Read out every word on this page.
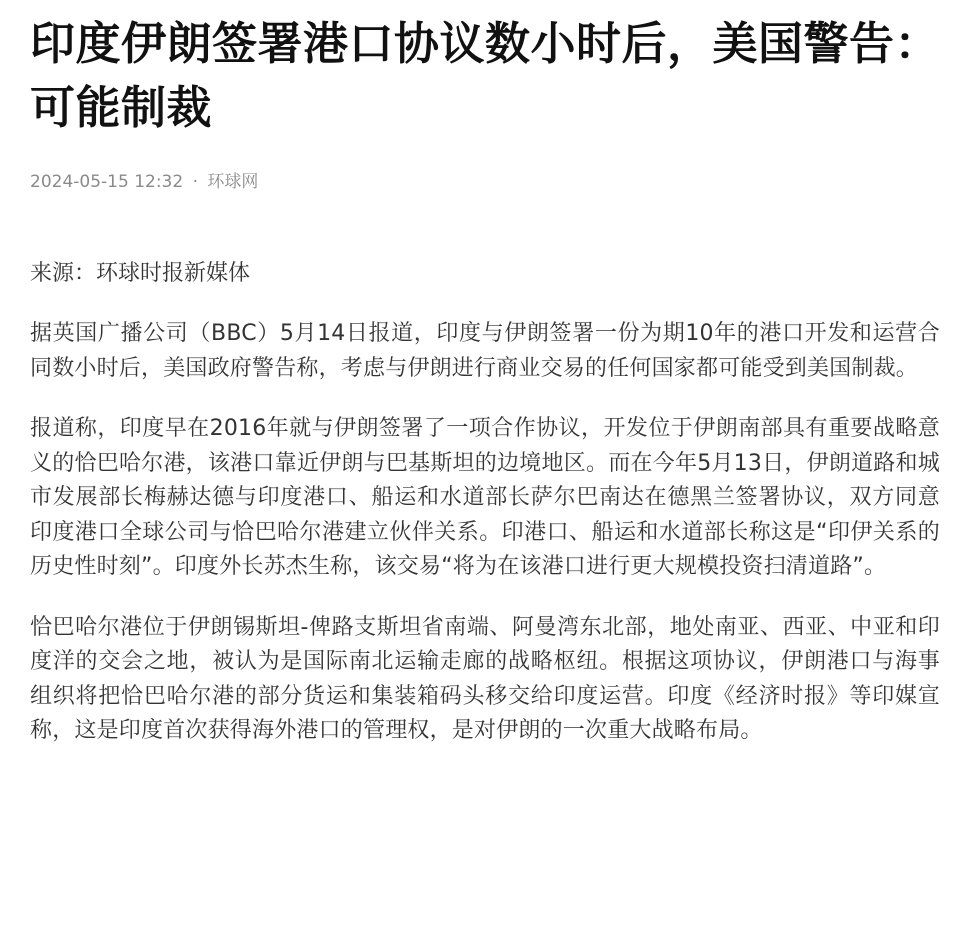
印度伊朗签署港口协议数小时后，美国警告：可能制裁
2024-05-15 12:32 · 环球网

来源：环球时报新媒体

据英国广播公司（BBC）5月14日报道，印度与伊朗签署一份为期10年的港口开发和运营合同数小时后，美国政府警告称，考虑与伊朗进行商业交易的任何国家都可能受到美国制裁。

报道称，印度早在2016年就与伊朗签署了一项合作协议，开发位于伊朗南部具有重要战略意义的恰巴哈尔港，该港口靠近伊朗与巴基斯坦的边境地区。而在今年5月13日，伊朗道路和城市发展部长梅赫达德与印度港口、船运和水道部长萨尔巴南达在德黑兰签署协议，双方同意印度港口全球公司与恰巴哈尔港建立伙伴关系。印港口、船运和水道部长称这是“印伊关系的历史性时刻”。印度外长苏杰生称，该交易“将为在该港口进行更大规模投资扫清道路”。

恰巴哈尔港位于伊朗锡斯坦-俾路支斯坦省南端、阿曼湾东北部，地处南亚、西亚、中亚和印度洋的交会之地，被认为是国际南北运输走廊的战略枢纽。根据这项协议，伊朗港口与海事组织将把恰巴哈尔港的部分货运和集装箱码头移交给印度运营。印度《经济时报》等印媒宣称，这是印度首次获得海外港口的管理权，是对伊朗的一次重大战略布局。
